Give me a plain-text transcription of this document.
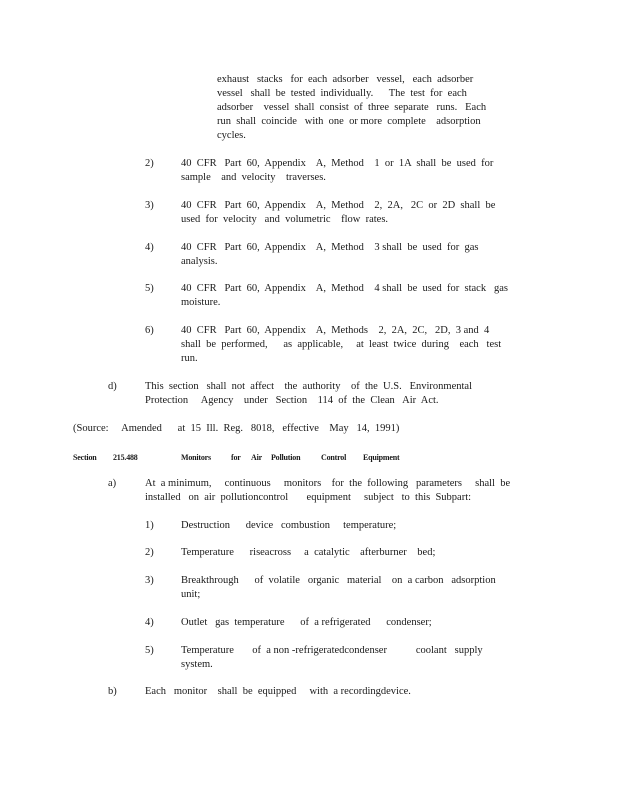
exhaust   stacks   for  each  adsorber   vessel,   each  adsorber
vessel   shall  be  tested  individually.      The  test  for  each
adsorber    vessel  shall  consist  of  three  separate   runs.   Each
run  shall  coincide   with  one  or more  complete    adsorption
cycles.
2)	40  CFR   Part  60,  Appendix    A,  Method    1  or  1A  shall  be  used  for
sample    and  velocity    traverses.
3)	40  CFR   Part  60,  Appendix    A,  Method    2,  2A,   2C  or  2D  shall  be
used  for  velocity   and  volumetric    flow  rates.
4)	40  CFR   Part  60,  Appendix    A,  Method    3 shall  be  used  for  gas
analysis.
5)	40  CFR   Part  60,  Appendix    A,  Method    4 shall  be  used  for  stack   gas
moisture.
6)	40  CFR   Part  60,  Appendix    A,  Methods    2,  2A,  2C,   2D,  3 and  4
shall  be  performed,      as  applicable,     at  least  twice  during    each   test
run.
d)	This  section   shall  not  affect    the  authority    of  the  U.S.   Environmental
Protection     Agency    under   Section    114  of  the  Clean   Air  Act.
(Source:     Amended      at  15  Ill.  Reg.   8018,   effective    May   14,  1991)
Section 215.488	Monitors	for Air Pollution	Control Equipment
a)	At  a minimum,     continuous     monitors    for  the  following   parameters     shall  be
installed   on  air  pollutioncontrol       equipment     subject   to  this  Subpart:
1)	Destruction      device   combustion     temperature;
2)	Temperature      riseacross     a  catalytic    afterburner    bed;
3)	Breakthrough      of  volatile   organic   material    on  a carbon   adsorption
unit;
4)	Outlet   gas  temperature      of  a refrigerated      condenser;
5)	Temperature       of  a non -refrigeratedcondenser           coolant   supply
system.
b)	Each   monitor    shall  be  equipped     with  a recordingdevice.
